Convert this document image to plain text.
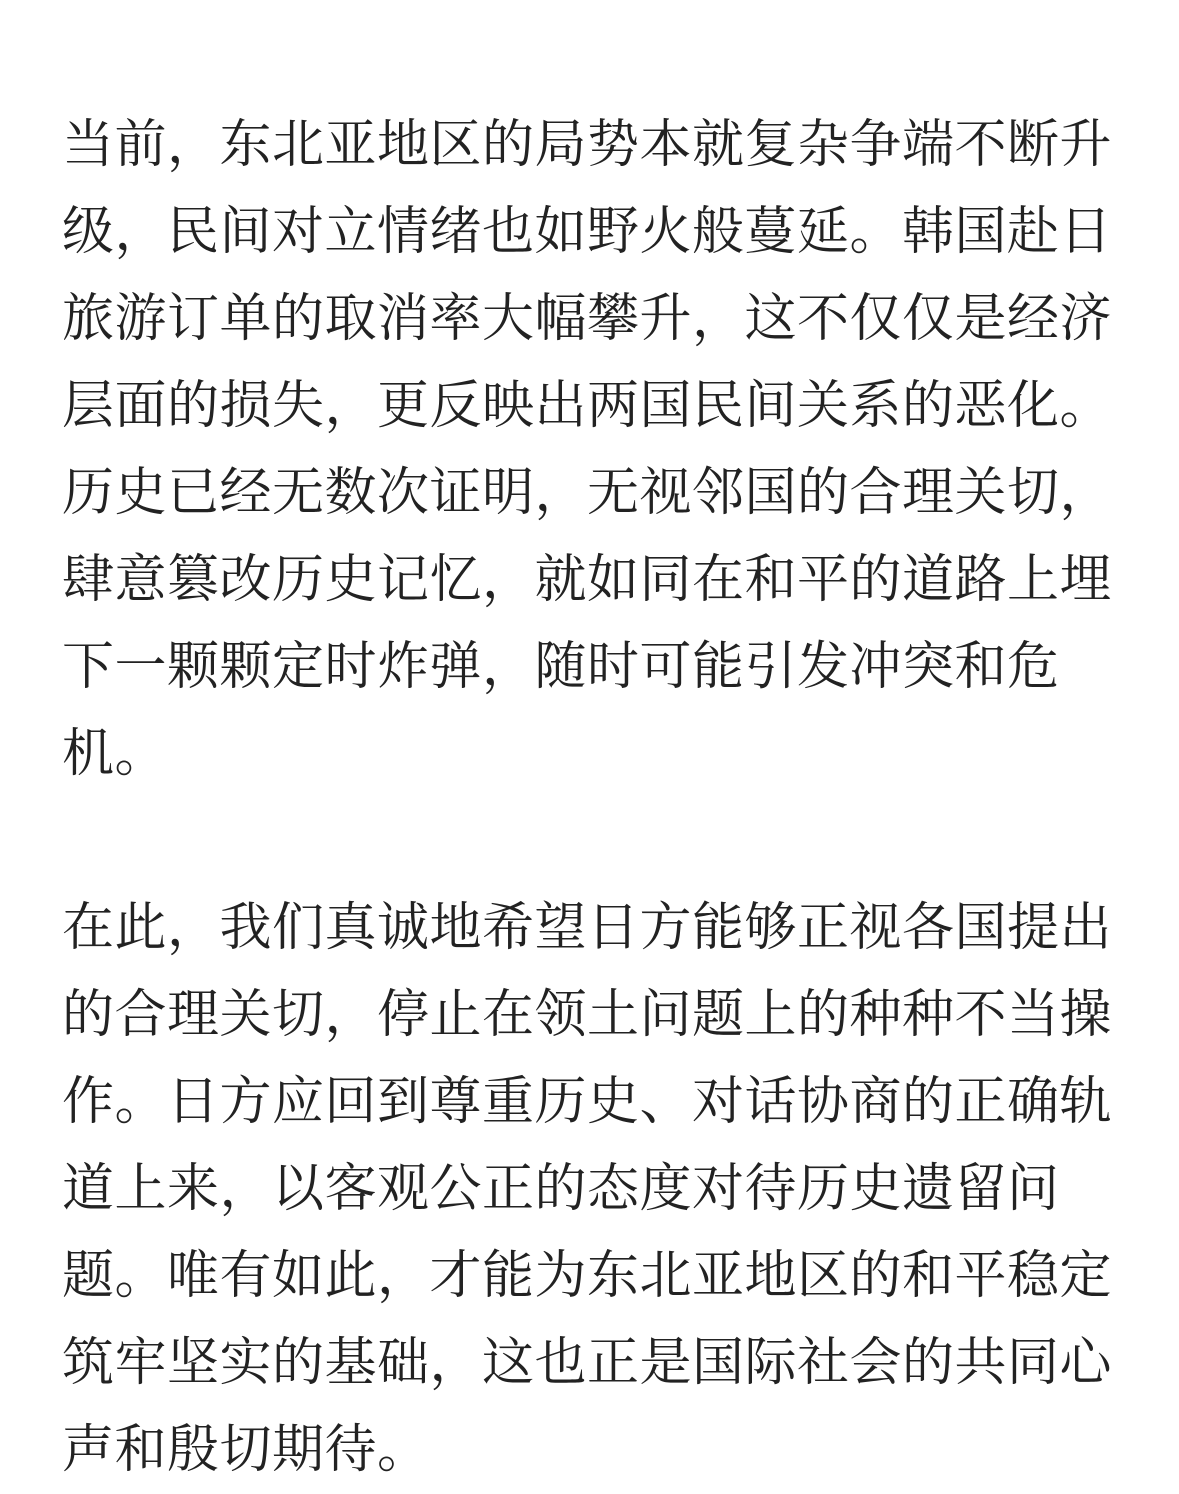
当前，东北亚地区的局势本就复杂争端不断升级，民间对立情绪也如野火般蔓延。韩国赴日旅游订单的取消率大幅攀升，这不仅仅是经济层面的损失，更反映出两国民间关系的恶化。历史已经无数次证明，无视邻国的合理关切，肆意篡改历史记忆，就如同在和平的道路上埋下一颗颗定时炸弹，随时可能引发冲突和危机。

在此，我们真诚地希望日方能够正视各国提出的合理关切，停止在领土问题上的种种不当操作。日方应回到尊重历史、对话协商的正确轨道上来，以客观公正的态度对待历史遗留问题。唯有如此，才能为东北亚地区的和平稳定筑牢坚实的基础，这也正是国际社会的共同心声和殷切期待。
